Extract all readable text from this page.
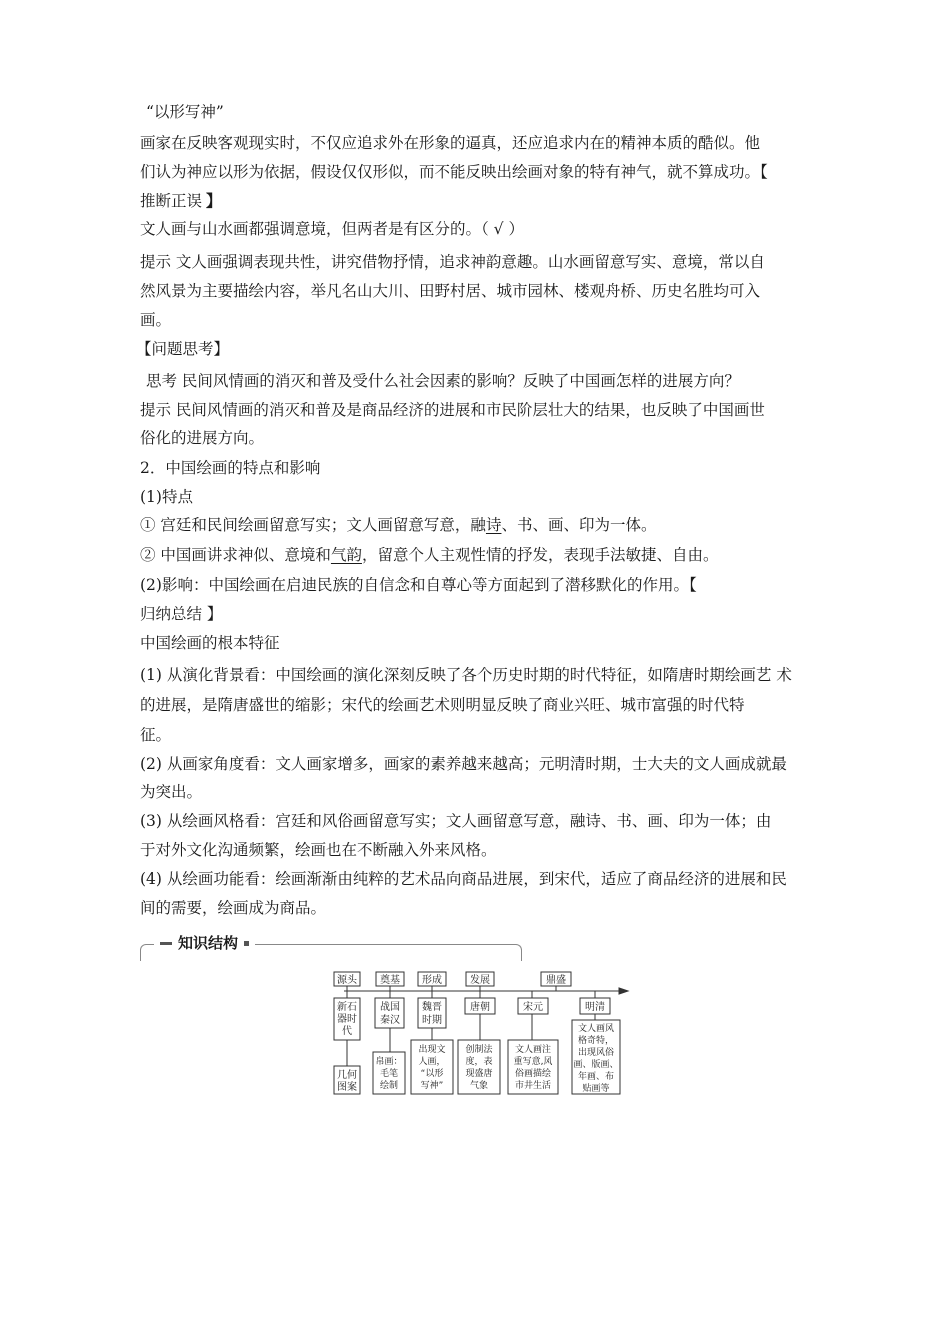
“以形写神”
画家在反映客观现实时，不仅应追求外在形象的逼真，还应追求内在的精神本质的酷似。他
们认为神应以形为依据，假设仅仅形似，而不能反映出绘画对象的特有神气，就不算成功。【
推断正误 】
文人画与山水画都强调意境，但两者是有区分的。（ √ ）
提示 文人画强调表现共性，讲究借物抒情，追求神韵意趣。山水画留意写实、意境，常以自
然风景为主要描绘内容，举凡名山大川、田野村居、城市园林、楼观舟桥、历史名胜均可入
画。
【问题思考】
思考 民间风情画的消灭和普及受什么社会因素的影响？反映了中国画怎样的进展方向？
提示 民间风情画的消灭和普及是商品经济的进展和市民阶层壮大的结果，也反映了中国画世
俗化的进展方向。
2．中国绘画的特点和影响
(1)特点
① 宫廷和民间绘画留意写实；文人画留意写意，融诗、书、画、印为一体。
② 中国画讲求神似、意境和气韵，留意个人主观性情的抒发，表现手法敏捷、自由。
(2)影响：中国绘画在启迪民族的自信念和自尊心等方面起到了潜移默化的作用。【
归纳总结 】
中国绘画的根本特征
(1) 从演化背景看：中国绘画的演化深刻反映了各个历史时期的时代特征，如隋唐时期绘画艺 术
的进展，是隋唐盛世的缩影；宋代的绘画艺术则明显反映了商业兴旺、城市富强的时代特
征。
(2) 从画家角度看：文人画家增多，画家的素养越来越高；元明清时期，士大夫的文人画成就最
为突出。
(3) 从绘画风格看：宫廷和风俗画留意写实；文人画留意写意，融诗、书、画、印为一体；由
于对外文化沟通频繁，绘画也在不断融入外来风格。
(4) 从绘画功能看：绘画渐渐由纯粹的艺术品向商品进展，到宋代，适应了商品经济的进展和民
间的需要，绘画成为商品。
知识结构
源头 奠基 形成	发展	鼎盛
新石
器时
代
战国
秦汉
魏晋
时期
唐朝	宋元	明清
几何
图案
帛画：
毛笔
绘制
出现文
人画，
“以形
写神”
创制法
度，表
现盛唐
气象
文人画注
重写意,风
俗画描绘
市井生活
文人画风
格奇特，
出现风俗
画、版画、
年画、布
贴画等
